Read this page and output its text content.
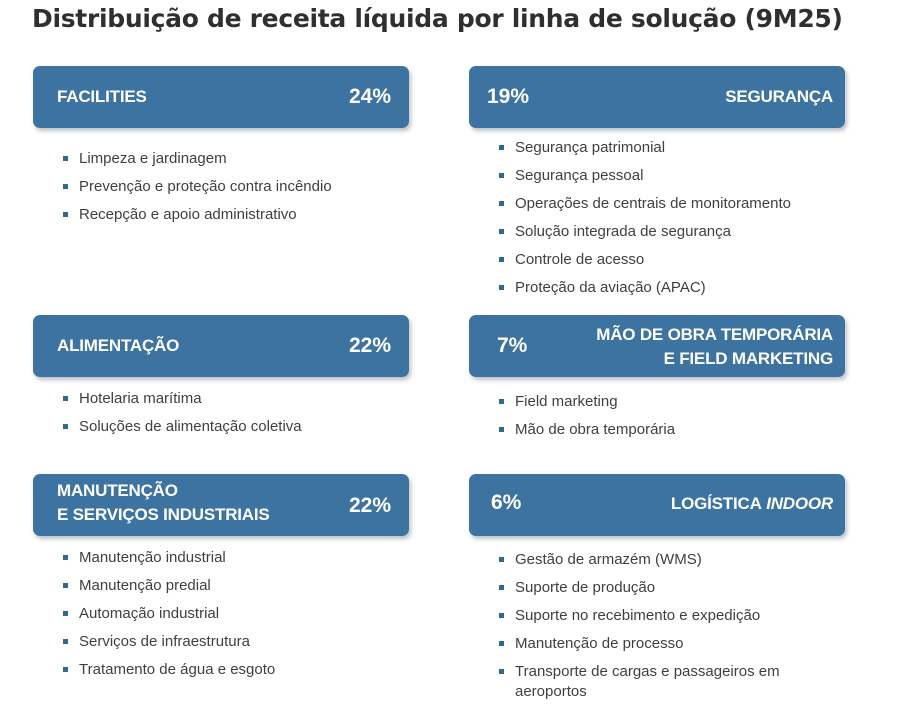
Distribuição de receita líquida por linha de solução (9M25)
FACILITIES	24%
Limpeza e jardinagem
Prevenção e proteção contra incêndio
Recepção e apoio administrativo
SEGURANÇA
19%
Segurança patrimonial
Segurança pessoal
Operações de centrais de monitoramento
Solução integrada de segurança
Controle de acesso
Proteção da aviação (APAC)
ALIMENTAÇÃO	22%
Hotelaria marítima
Soluções de alimentação coletiva
MÃO DE OBRA TEMPORÁRIA
E FIELD MARKETING
7%
Field marketing
Mão de obra temporária
MANUTENÇÃO
E SERVIÇOS INDUSTRIAIS	22%
Manutenção industrial
Manutenção predial
Automação industrial
Serviços de infraestrutura
Tratamento de água e esgoto
LOGÍSTICA INDOOR
6%
Gestão de armazém (WMS)
Suporte de produção
Suporte no recebimento e expedição
Manutenção de processo
Transporte de cargas e passageiros em aeroportos
